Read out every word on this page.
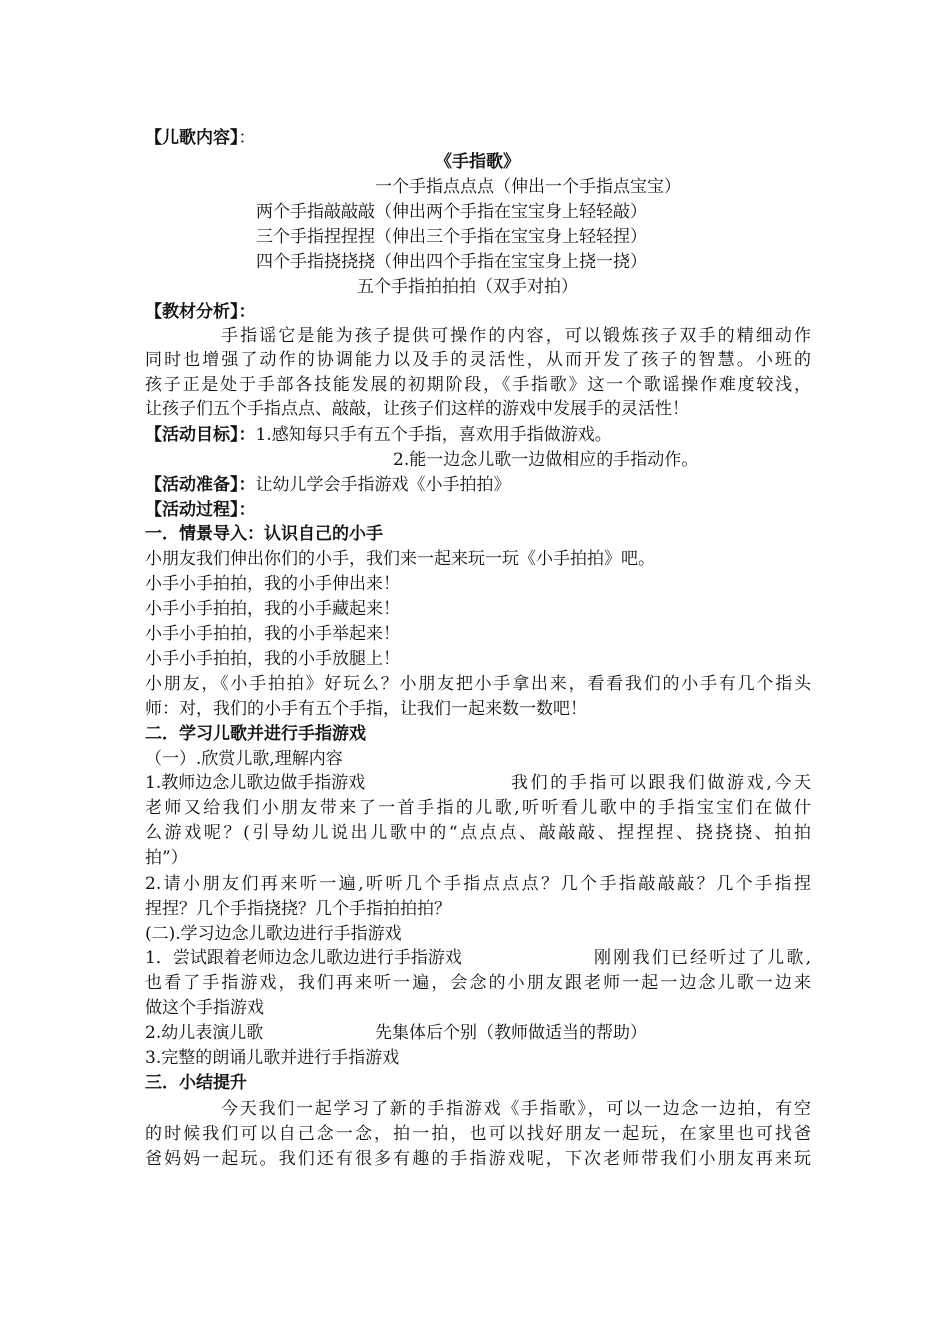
【儿歌内容】：
《手指歌》
一个手指点点点（伸出一个手指点宝宝）
两个手指敲敲敲（伸出两个手指在宝宝身上轻轻敲）
三个手指捏捏捏（伸出三个手指在宝宝身上轻轻捏）
四个手指挠挠挠（伸出四个手指在宝宝身上挠一挠）
五个手指拍拍拍（双手对拍）
【教材分析】：
手指谣它是能为孩子提供可操作的内容，可以锻炼孩子双手的精细动作
同时也增强了动作的协调能力以及手的灵活性，从而开发了孩子的智慧。小班的
孩子正是处于手部各技能发展的初期阶段，《手指歌》这一个歌谣操作难度较浅，
让孩子们五个手指点点、敲敲，让孩子们这样的游戏中发展手的灵活性！
【活动目标】：1.感知每只手有五个手指，喜欢用手指做游戏。
2.能一边念儿歌一边做相应的手指动作。
【活动准备】：让幼儿学会手指游戏《小手拍拍》
【活动过程】：
一．情景导入：认识自己的小手
小朋友我们伸出你们的小手，我们来一起来玩一玩《小手拍拍》吧。
小手小手拍拍，我的小手伸出来！
小手小手拍拍，我的小手藏起来！
小手小手拍拍，我的小手举起来！
小手小手拍拍，我的小手放腿上！
小朋友，《小手拍拍》好玩么？小朋友把小手拿出来，看看我们的小手有几个指头
师：对，我们的小手有五个手指，让我们一起来数一数吧！
二．学习儿歌并进行手指游戏
（一）.欣赏儿歌,理解内容
1.教师边念儿歌边做手指游戏	我们的手指可以跟我们做游戏,今天
老师又给我们小朋友带来了一首手指的儿歌,听听看儿歌中的手指宝宝们在做什
么游戏呢？(引导幼儿说出儿歌中的“点点点、敲敲敲、捏捏捏、挠挠挠、拍拍
拍”）
2.请小朋友们再来听一遍,听听几个手指点点点？几个手指敲敲敲？几个手指捏
捏捏？几个手指挠挠？几个手指拍拍拍？
(二).学习边念儿歌边进行手指游戏
1．尝试跟着老师边念儿歌边进行手指游戏	刚刚我们已经听过了儿歌,
也看了手指游戏，我们再来听一遍，会念的小朋友跟老师一起一边念儿歌一边来
做这个手指游戏
2.幼儿表演儿歌	先集体后个别（教师做适当的帮助）
3.完整的朗诵儿歌并进行手指游戏
三．小结提升
今天我们一起学习了新的手指游戏《手指歌》，可以一边念一边拍，有空
的时候我们可以自己念一念，拍一拍，也可以找好朋友一起玩，在家里也可找爸
爸妈妈一起玩。我们还有很多有趣的手指游戏呢，下次老师带我们小朋友再来玩
